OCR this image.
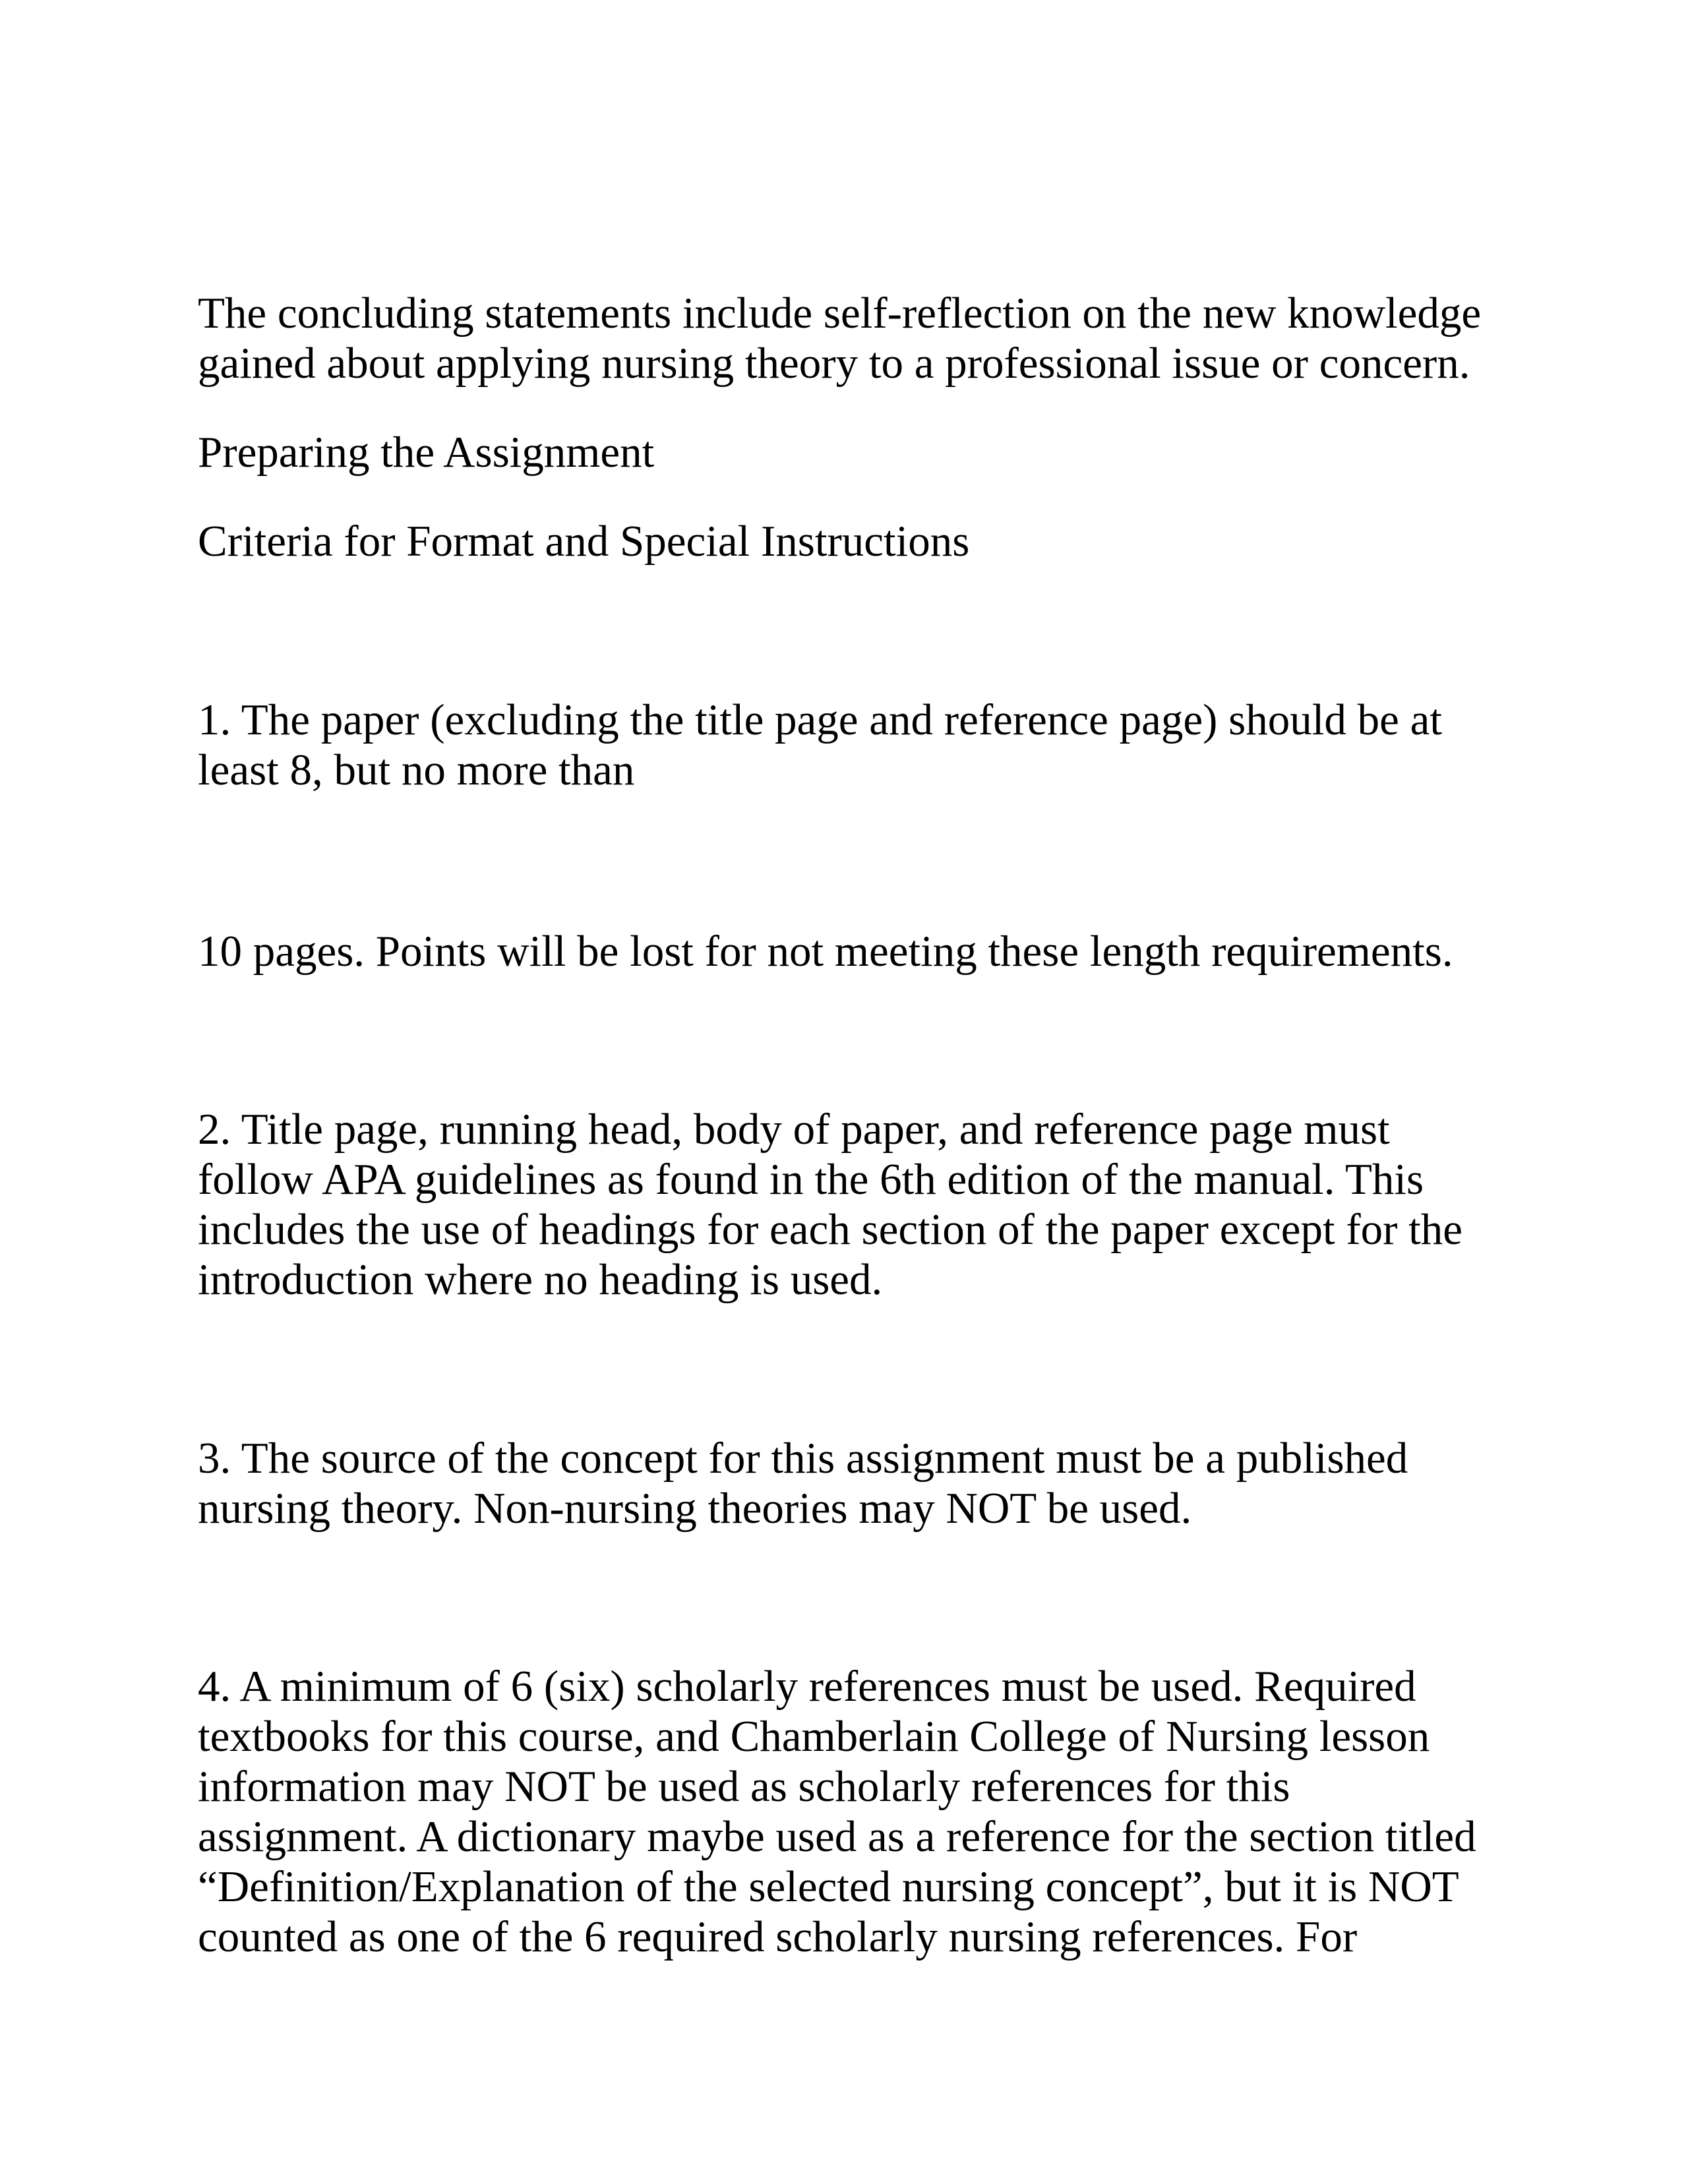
The concluding statements include self-reflection on the new knowledge
gained about applying nursing theory to a professional issue or concern.

Preparing the Assignment

Criteria for Format and Special Instructions

1. The paper (excluding the title page and reference page) should be at
least 8, but no more than

10 pages. Points will be lost for not meeting these length requirements.

2. Title page, running head, body of paper, and reference page must
follow APA guidelines as found in the 6th edition of the manual. This
includes the use of headings for each section of the paper except for the
introduction where no heading is used.

3. The source of the concept for this assignment must be a published
nursing theory. Non-nursing theories may NOT be used.

4. A minimum of 6 (six) scholarly references must be used. Required
textbooks for this course, and Chamberlain College of Nursing lesson
information may NOT be used as scholarly references for this
assignment. A dictionary maybe used as a reference for the section titled
“Definition/Explanation of the selected nursing concept”, but it is NOT
counted as one of the 6 required scholarly nursing references. For
